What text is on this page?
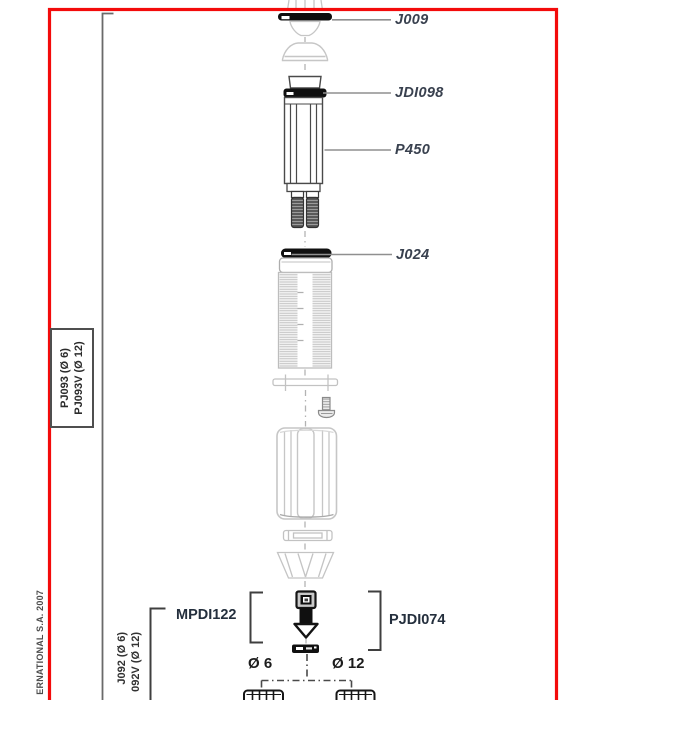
J009
JDI098
P450
J024
MPDI122	PJDI074
Ø 6	Ø 12
PJ093 (Ø 6) PJ093V (Ø 12)
J092 (Ø 6) 092V (Ø 12)
ERNATIONAL S.A. 2007
